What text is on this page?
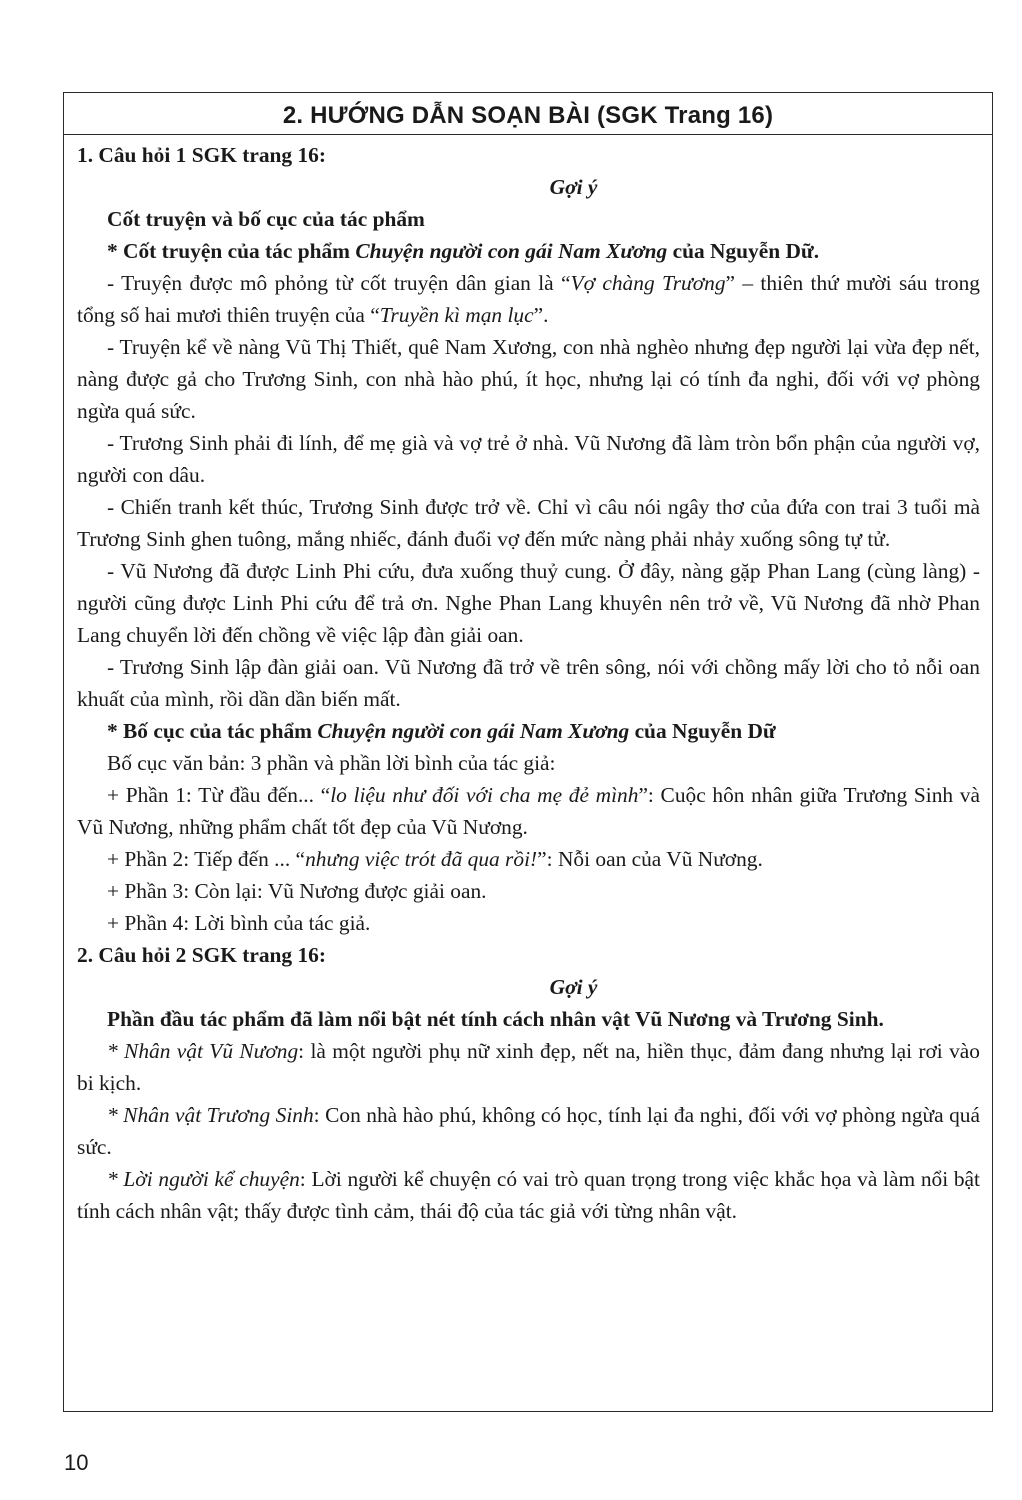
2. HƯỚNG DẪN SOẠN BÀI (SGK Trang 16)

1. Câu hỏi 1 SGK trang 16:

Gợi ý

Cốt truyện và bố cục của tác phẩm

* Cốt truyện của tác phẩm Chuyện người con gái Nam Xương của Nguyễn Dữ.

- Truyện được mô phỏng từ cốt truyện dân gian là “Vợ chàng Trương” – thiên thứ mười sáu trong tổng số hai mươi thiên truyện của “Truyền kì mạn lục”.

- Truyện kể về nàng Vũ Thị Thiết, quê Nam Xương, con nhà nghèo nhưng đẹp người lại vừa đẹp nết, nàng được gả cho Trương Sinh, con nhà hào phú, ít học, nhưng lại có tính đa nghi, đối với vợ phòng ngừa quá sức.

- Trương Sinh phải đi lính, để mẹ già và vợ trẻ ở nhà. Vũ Nương đã làm tròn bổn phận của người vợ, người con dâu.

- Chiến tranh kết thúc, Trương Sinh được trở về. Chỉ vì câu nói ngây thơ của đứa con trai 3 tuổi mà Trương Sinh ghen tuông, mắng nhiếc, đánh đuổi vợ đến mức nàng phải nhảy xuống sông tự tử.

- Vũ Nương đã được Linh Phi cứu, đưa xuống thuỷ cung. Ở đây, nàng gặp Phan Lang (cùng làng) - người cũng được Linh Phi cứu để trả ơn. Nghe Phan Lang khuyên nên trở về, Vũ Nương đã nhờ Phan Lang chuyển lời đến chồng về việc lập đàn giải oan.

- Trương Sinh lập đàn giải oan. Vũ Nương đã trở về trên sông, nói với chồng mấy lời cho tỏ nỗi oan khuất của mình, rồi dần dần biến mất.

* Bố cục của tác phẩm Chuyện người con gái Nam Xương của Nguyễn Dữ

Bố cục văn bản: 3 phần và phần lời bình của tác giả:

+ Phần 1: Từ đầu đến... “lo liệu như đối với cha mẹ đẻ mình”: Cuộc hôn nhân giữa Trương Sinh và Vũ Nương, những phẩm chất tốt đẹp của Vũ Nương.

+ Phần 2: Tiếp đến ... “nhưng việc trót đã qua rồi!”: Nỗi oan của Vũ Nương.

+ Phần 3: Còn lại: Vũ Nương được giải oan.

+ Phần 4: Lời bình của tác giả.

2. Câu hỏi 2 SGK trang 16:

Gợi ý

Phần đầu tác phẩm đã làm nổi bật nét tính cách nhân vật Vũ Nương và Trương Sinh.

* Nhân vật Vũ Nương: là một người phụ nữ xinh đẹp, nết na, hiền thục, đảm đang nhưng lại rơi vào bi kịch.

* Nhân vật Trương Sinh: Con nhà hào phú, không có học, tính lại đa nghi, đối với vợ phòng ngừa quá sức.

* Lời người kể chuyện: Lời người kể chuyện có vai trò quan trọng trong việc khắc họa và làm nổi bật tính cách nhân vật; thấy được tình cảm, thái độ của tác giả với từng nhân vật.

10
